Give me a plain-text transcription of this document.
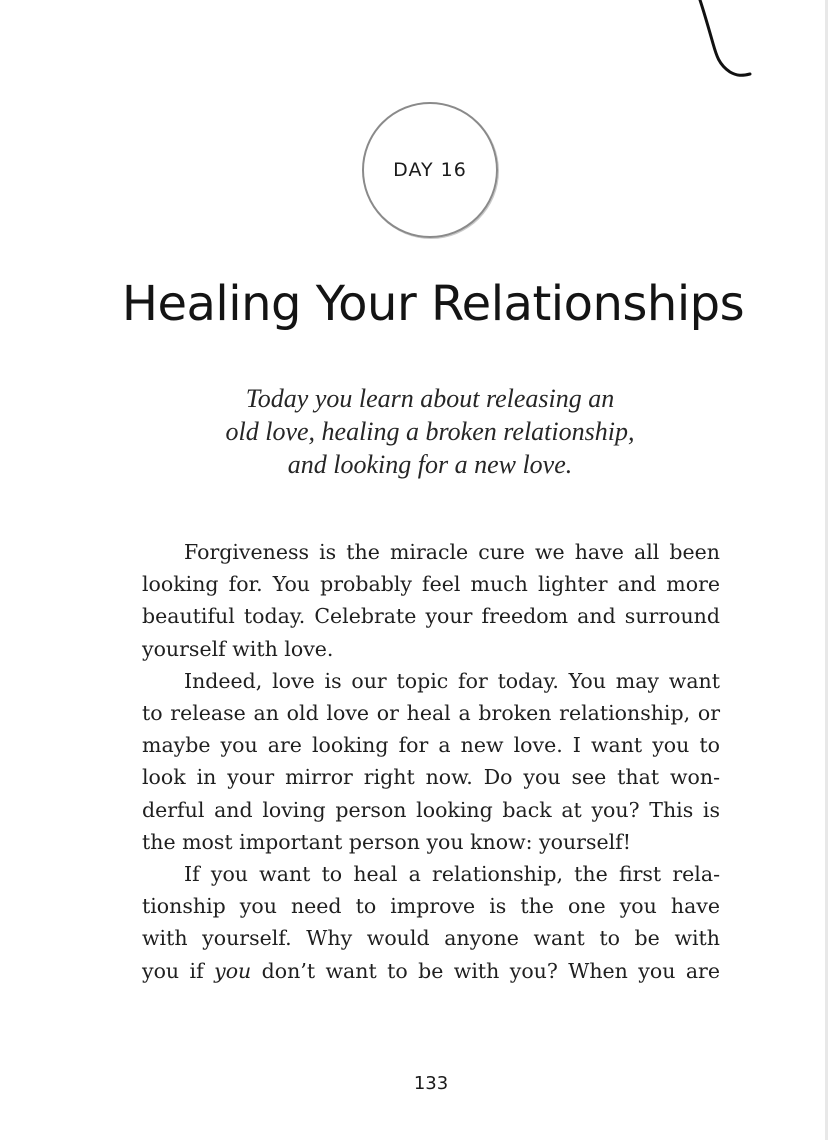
DAY 16
Healing Your Relationships
Today you learn about releasing an
old love, healing a broken relationship,
and looking for a new love.
Forgiveness is the miracle cure we have all been
looking for. You probably feel much lighter and more
beautiful today. Celebrate your freedom and surround
yourself with love.
Indeed, love is our topic for today. You may want
to release an old love or heal a broken relationship, or
maybe you are looking for a new love. I want you to
look in your mirror right now. Do you see that won-
derful and loving person looking back at you? This is
the most important person you know: yourself!
If you want to heal a relationship, the first rela-
tionship you need to improve is the one you have
with yourself. Why would anyone want to be with
you if you don’t want to be with you? When you are
133
